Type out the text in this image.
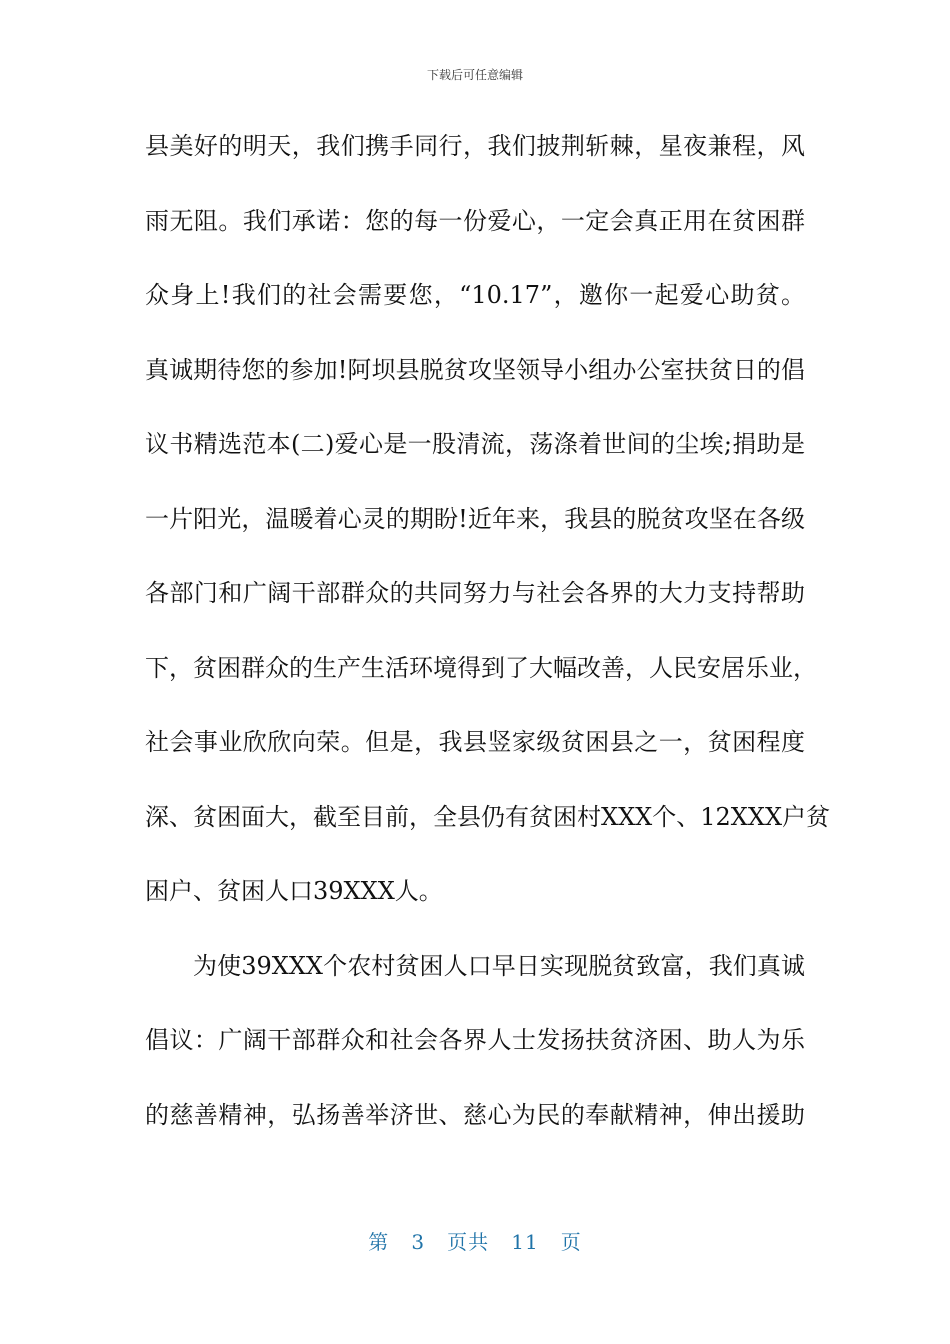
下载后可任意编辑
县美好的明天，我们携手同行，我们披荆斩棘，星夜兼程，风
雨无阻。我们承诺：您的每一份爱心，一定会真正用在贫困群
众身上!我们的社会需要您，“10.17”，邀你一起爱心助贫。
真诚期待您的参加!阿坝县脱贫攻坚领导小组办公室扶贫日的倡
议书精选范本(二)爱心是一股清流，荡涤着世间的尘埃;捐助是
一片阳光，温暖着心灵的期盼!近年来，我县的脱贫攻坚在各级
各部门和广阔干部群众的共同努力与社会各界的大力支持帮助
下，贫困群众的生产生活环境得到了大幅改善，人民安居乐业，
社会事业欣欣向荣。但是，我县竖家级贫困县之一，贫困程度
深、贫困面大，截至目前，全县仍有贫困村XXX个、12XXX户贫
困户、贫困人口39XXX人。
为使39XXX个农村贫困人口早日实现脱贫致富，我们真诚
倡议：广阔干部群众和社会各界人士发扬扶贫济困、助人为乐
的慈善精神，弘扬善举济世、慈心为民的奉献精神，伸出援助
第 3 页共 11 页
